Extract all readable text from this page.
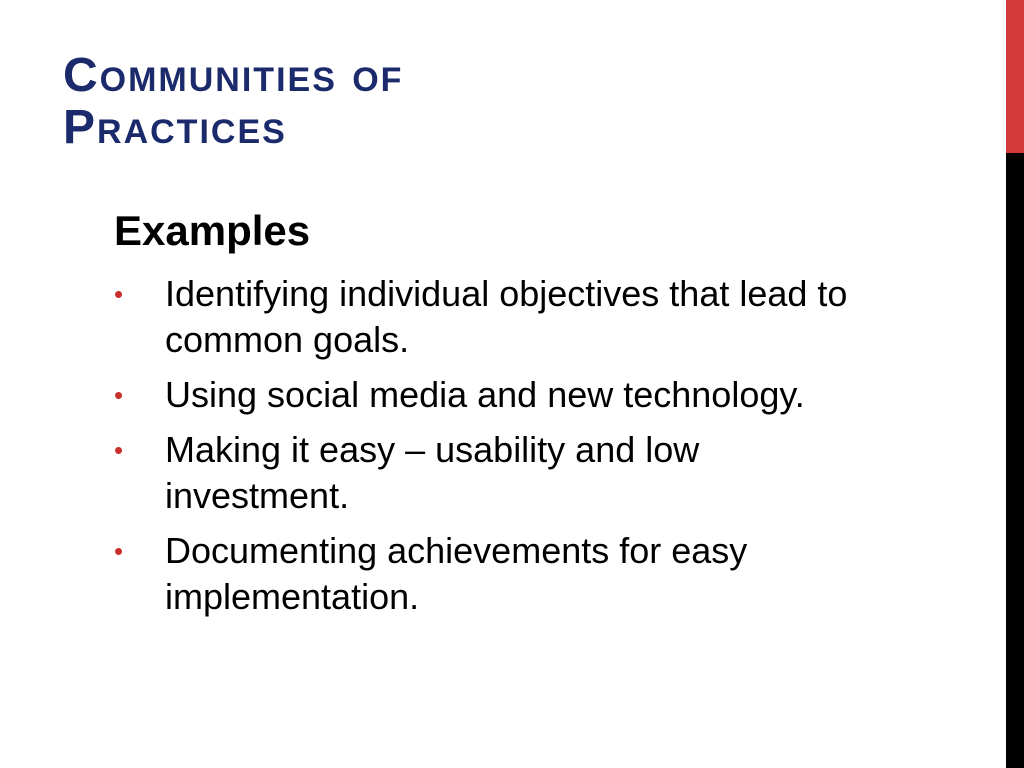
Communities of
Practices
Examples
• Identifying individual objectives that lead to common goals.
• Using social media and new technology.
• Making it easy – usability and low investment.
• Documenting achievements for easy implementation.
